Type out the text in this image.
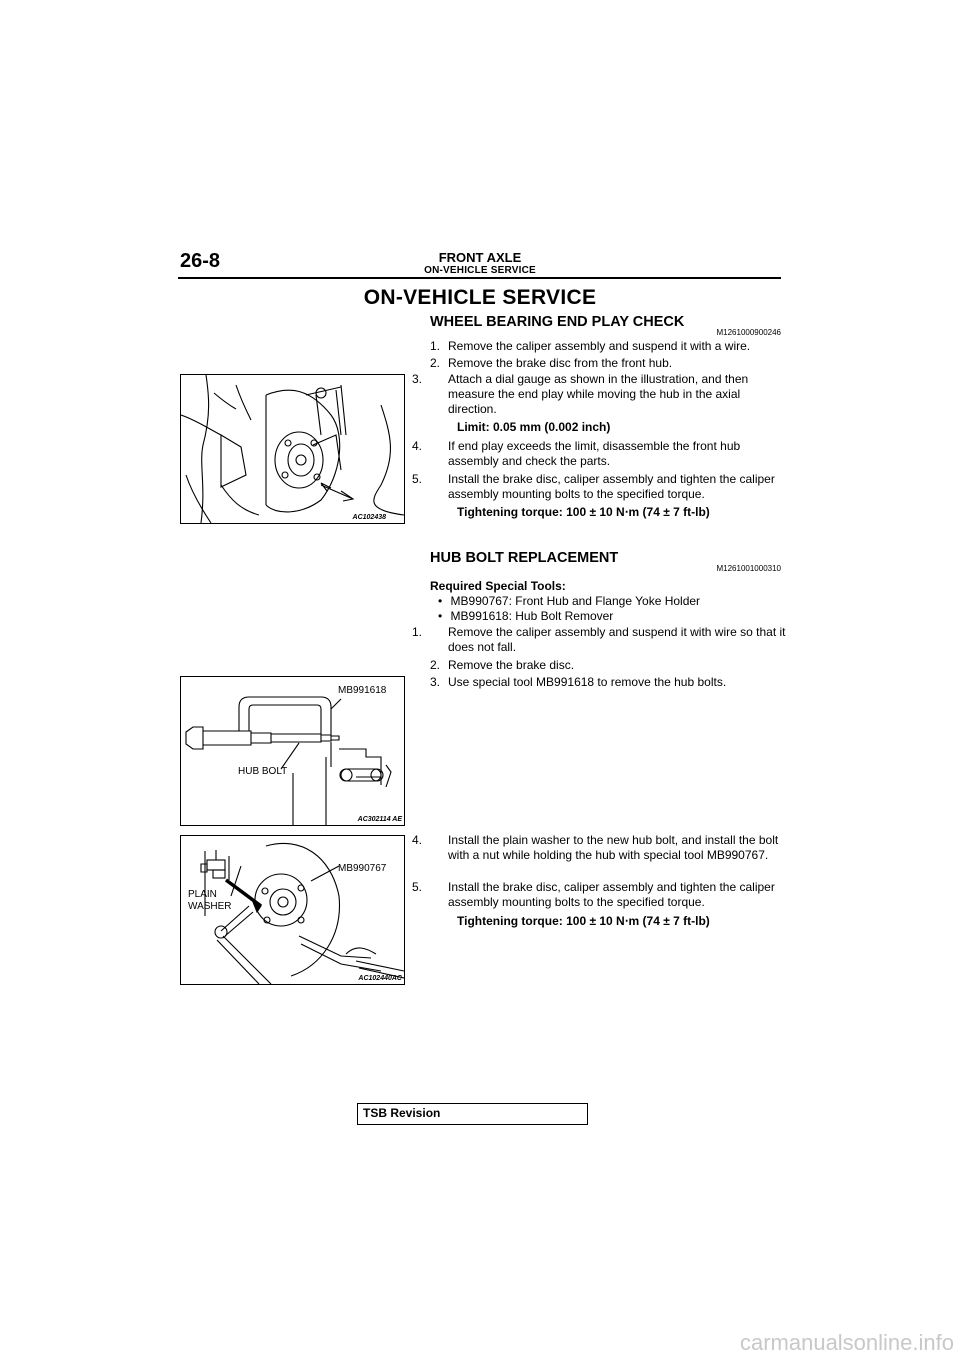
26-8	FRONT AXLE
ON-VEHICLE SERVICE
ON-VEHICLE SERVICE
WHEEL BEARING END PLAY CHECK
M1261000900246
1. Remove the caliper assembly and suspend it with a wire.
2. Remove the brake disc from the front hub.
3. Attach a dial gauge as shown in the illustration, and then measure the end play while moving the hub in the axial direction.
Limit: 0.05 mm (0.002 inch)
4. If end play exceeds the limit, disassemble the front hub assembly and check the parts.
5. Install the brake disc, caliper assembly and tighten the caliper assembly mounting bolts to the specified torque.
Tightening torque: 100 ± 10 N⋅m (74 ± 7 ft-lb)
AC102438
HUB BOLT REPLACEMENT
M1261001000310
Required Special Tools:
• MB990767: Front Hub and Flange Yoke Holder
• MB991618: Hub Bolt Remover
1. Remove the caliper assembly and suspend it with wire so that it does not fall.
2. Remove the brake disc.
3. Use special tool MB991618 to remove the hub bolts.
MB991618
HUB BOLT
AC302114 AE
4. Install the plain washer to the new hub bolt, and install the bolt with a nut while holding the hub with special tool MB990767.
5. Install the brake disc, caliper assembly and tighten the caliper assembly mounting bolts to the specified torque.
Tightening torque: 100 ± 10 N⋅m (74 ± 7 ft-lb)
MB990767
PLAIN
WASHER
AC102440AC
TSB Revision
carmanualsonline.info
